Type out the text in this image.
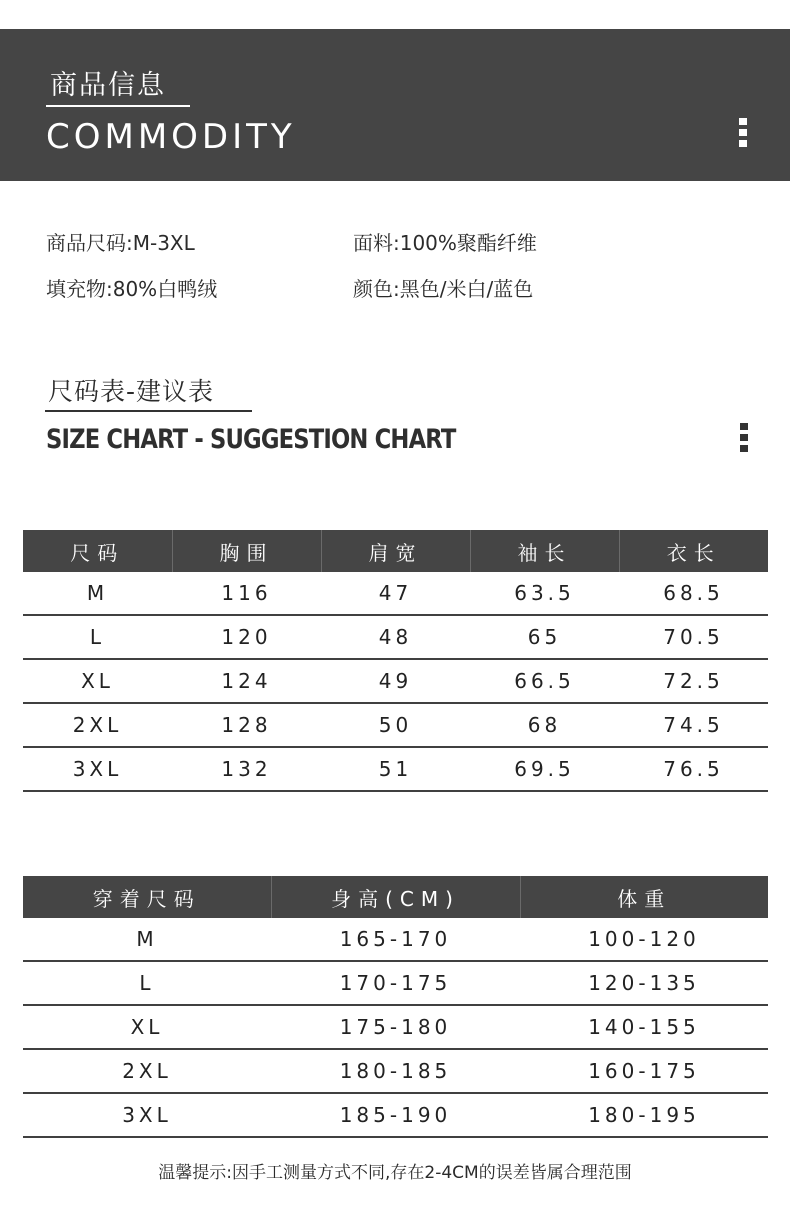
商品信息
COMMODITY
商品尺码:M-3XL	面料:100%聚酯纤维
填充物:80%白鸭绒	颜色:黑色/米白/蓝色
尺码表-建议表
SIZE CHART - SUGGESTION CHART
尺码	胸围	肩宽	袖长	衣长
M	116	47	63.5	68.5
L	120	48	65	70.5
XL	124	49	66.5	72.5
2XL	128	50	68	74.5
3XL	132	51	69.5	76.5
穿着尺码	身高(CM)	体重
M	165-170	100-120
L	170-175	120-135
XL	175-180	140-155
2XL	180-185	160-175
3XL	185-190	180-195
温馨提示:因手工测量方式不同,存在2-4CM的误差皆属合理范围
